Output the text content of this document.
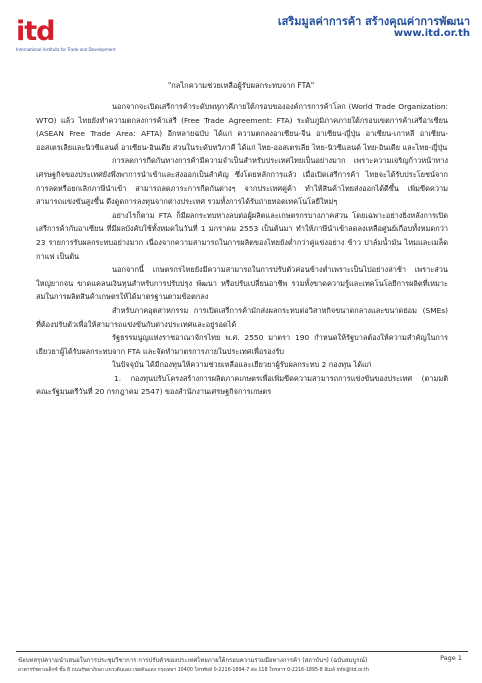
itd
International Institute for Trade and Development
เสริมมูลค่าการค้า สร้างคุณค่าการพัฒนา
www.itd.or.th
"กลไกความช่วยเหลือผู้รับผลกระทบจาก FTA"

นอกจากจะเปิดเสรีการค้าระดับพหุภาคีภายใต้กรอบขององค์การการค้าโลก (World Trade Organization: WTO) แล้ว ไทยยังทำความตกลงการค้าเสรี (Free Trade Agreement: FTA) ระดับภูมิภาคภายใต้กรอบเขตการค้าเสรีอาเซียน (ASEAN Free Trade Area: AFTA) อีกหลายฉบับ ได้แก่ ความตกลงอาเซียน-จีน อาเซียน-ญี่ปุ่น อาเซียน-เกาหลี อาเซียน-ออสเตรเลียและนิวซีแลนด์ อาเซียน-อินเดีย ส่วนในระดับทวิภาคี ได้แก่ ไทย-ออสเตรเลีย ไทย-นิวซีแลนด์ ไทย-อินเดีย และไทย-ญี่ปุ่น

การลดการกีดกันทางการค้ามีความจำเป็นสำหรับประเทศไทยเป็นอย่างมาก เพราะความเจริญก้าวหน้าทางเศรษฐกิจของประเทศยังพึ่งพาการนำเข้าและส่งออกเป็นสำคัญ ซึ่งโดยหลักการแล้ว เมื่อเปิดเสรีการค้า ไทยจะได้รับประโยชน์จากการลดหรือยกเลิกภาษีนำเข้า สามารถลดภาระการกีดกันต่างๆ จากประเทศคู่ค้า ทำให้สินค้าไทยส่งออกได้ดีขึ้น เพิ่มขีดความสามารถแข่งขันสูงขึ้น ดึงดูดการลงทุนจากต่างประเทศ รวมทั้งการได้รับถ่ายทอดเทคโนโลยีใหม่ๆ

อย่างไรก็ตาม FTA ก็มีผลกระทบทางลบต่อผู้ผลิตและเกษตรกรบางภาคส่วน โดยเฉพาะอย่างยิ่งหลังการเปิดเสรีการค้ากับอาเซียน ที่มีผลบังคับใช้ทั้งหมดในวันที่ 1 มกราคม 2553 เป็นต้นมา ทำให้ภาษีนำเข้าลดลงเหลือศูนย์เกือบทั้งหมดกว่า 23 รายการรับผลกระทบอย่างมาก เนื่องจากความสามารถในการผลิตของไทยยังต่ำกว่าคู่แข่งอย่าง ข้าว ปาล์มน้ำมัน ไหมและเมล็ดกาแฟ เป็นต้น

นอกจากนี้ เกษตรกรไทยยังมีความสามารถในการปรับตัวค่อนข้างต่ำเพราะเป็นไปอย่างล่าช้า เพราะส่วนใหญ่ยากจน ขาดแคลนเงินทุนสำหรับการปรับปรุง พัฒนา หรือปรับเปลี่ยนอาชีพ รวมทั้งขาดความรู้และเทคโนโลยีการผลิตที่เหมาะสมในการผลิตสินค้าเกษตรให้ได้มาตรฐานตามข้อตกลง

สำหรับภาคอุตสาหกรรม การเปิดเสรีการค้ามักส่งผลกระทบต่อวิสาหกิจขนาดกลางและขนาดย่อม (SMEs) ที่ต้องปรับตัวเพื่อให้สามารถแข่งขันกับต่างประเทศและอยู่รอดได้

รัฐธรรมนูญแห่งราชอาณาจักรไทย พ.ศ. 2550 มาตรา 190 กำหนดให้รัฐบาลต้องให้ความสำคัญในการเยียวยาผู้ได้รับผลกระทบจาก FTA และจัดทำมาตรการภายในประเทศเพื่อรองรับ

ในปัจจุบัน ได้มีกองทุนให้ความช่วยเหลือและเยียวยาผู้รับผลกระทบ 2 กองทุน ได้แก่

1. กองทุนปรับโครงสร้างการผลิตภาคเกษตรเพื่อเพิ่มขีดความสามารถการแข่งขันของประเทศ (ตามมติคณะรัฐมนตรีวันที่ 20 กรกฎาคม 2547) ของสำนักงานเศรษฐกิจการเกษตร

ข้อบทสรุปความนำเสนอในการประชุมวิชาการ การปรับตัวของประเทศไทยภายใต้กรอบความร่วมมือทางการค้า (สถาบันฯ) (ฉบับสมบูรณ์)	Page 1
อาคารรัชดาเพล็กซ์ ชั้น 8 ถนนรัชดาภิเษก แขวงดินแดง เขตดินแดง กรุงเทพฯ 10400 โทรศัพท์ 0-2216-1894-7 ต่อ 118 โทรสาร 0-2216-1895-8 อีเมล์ info@itd.or.th
